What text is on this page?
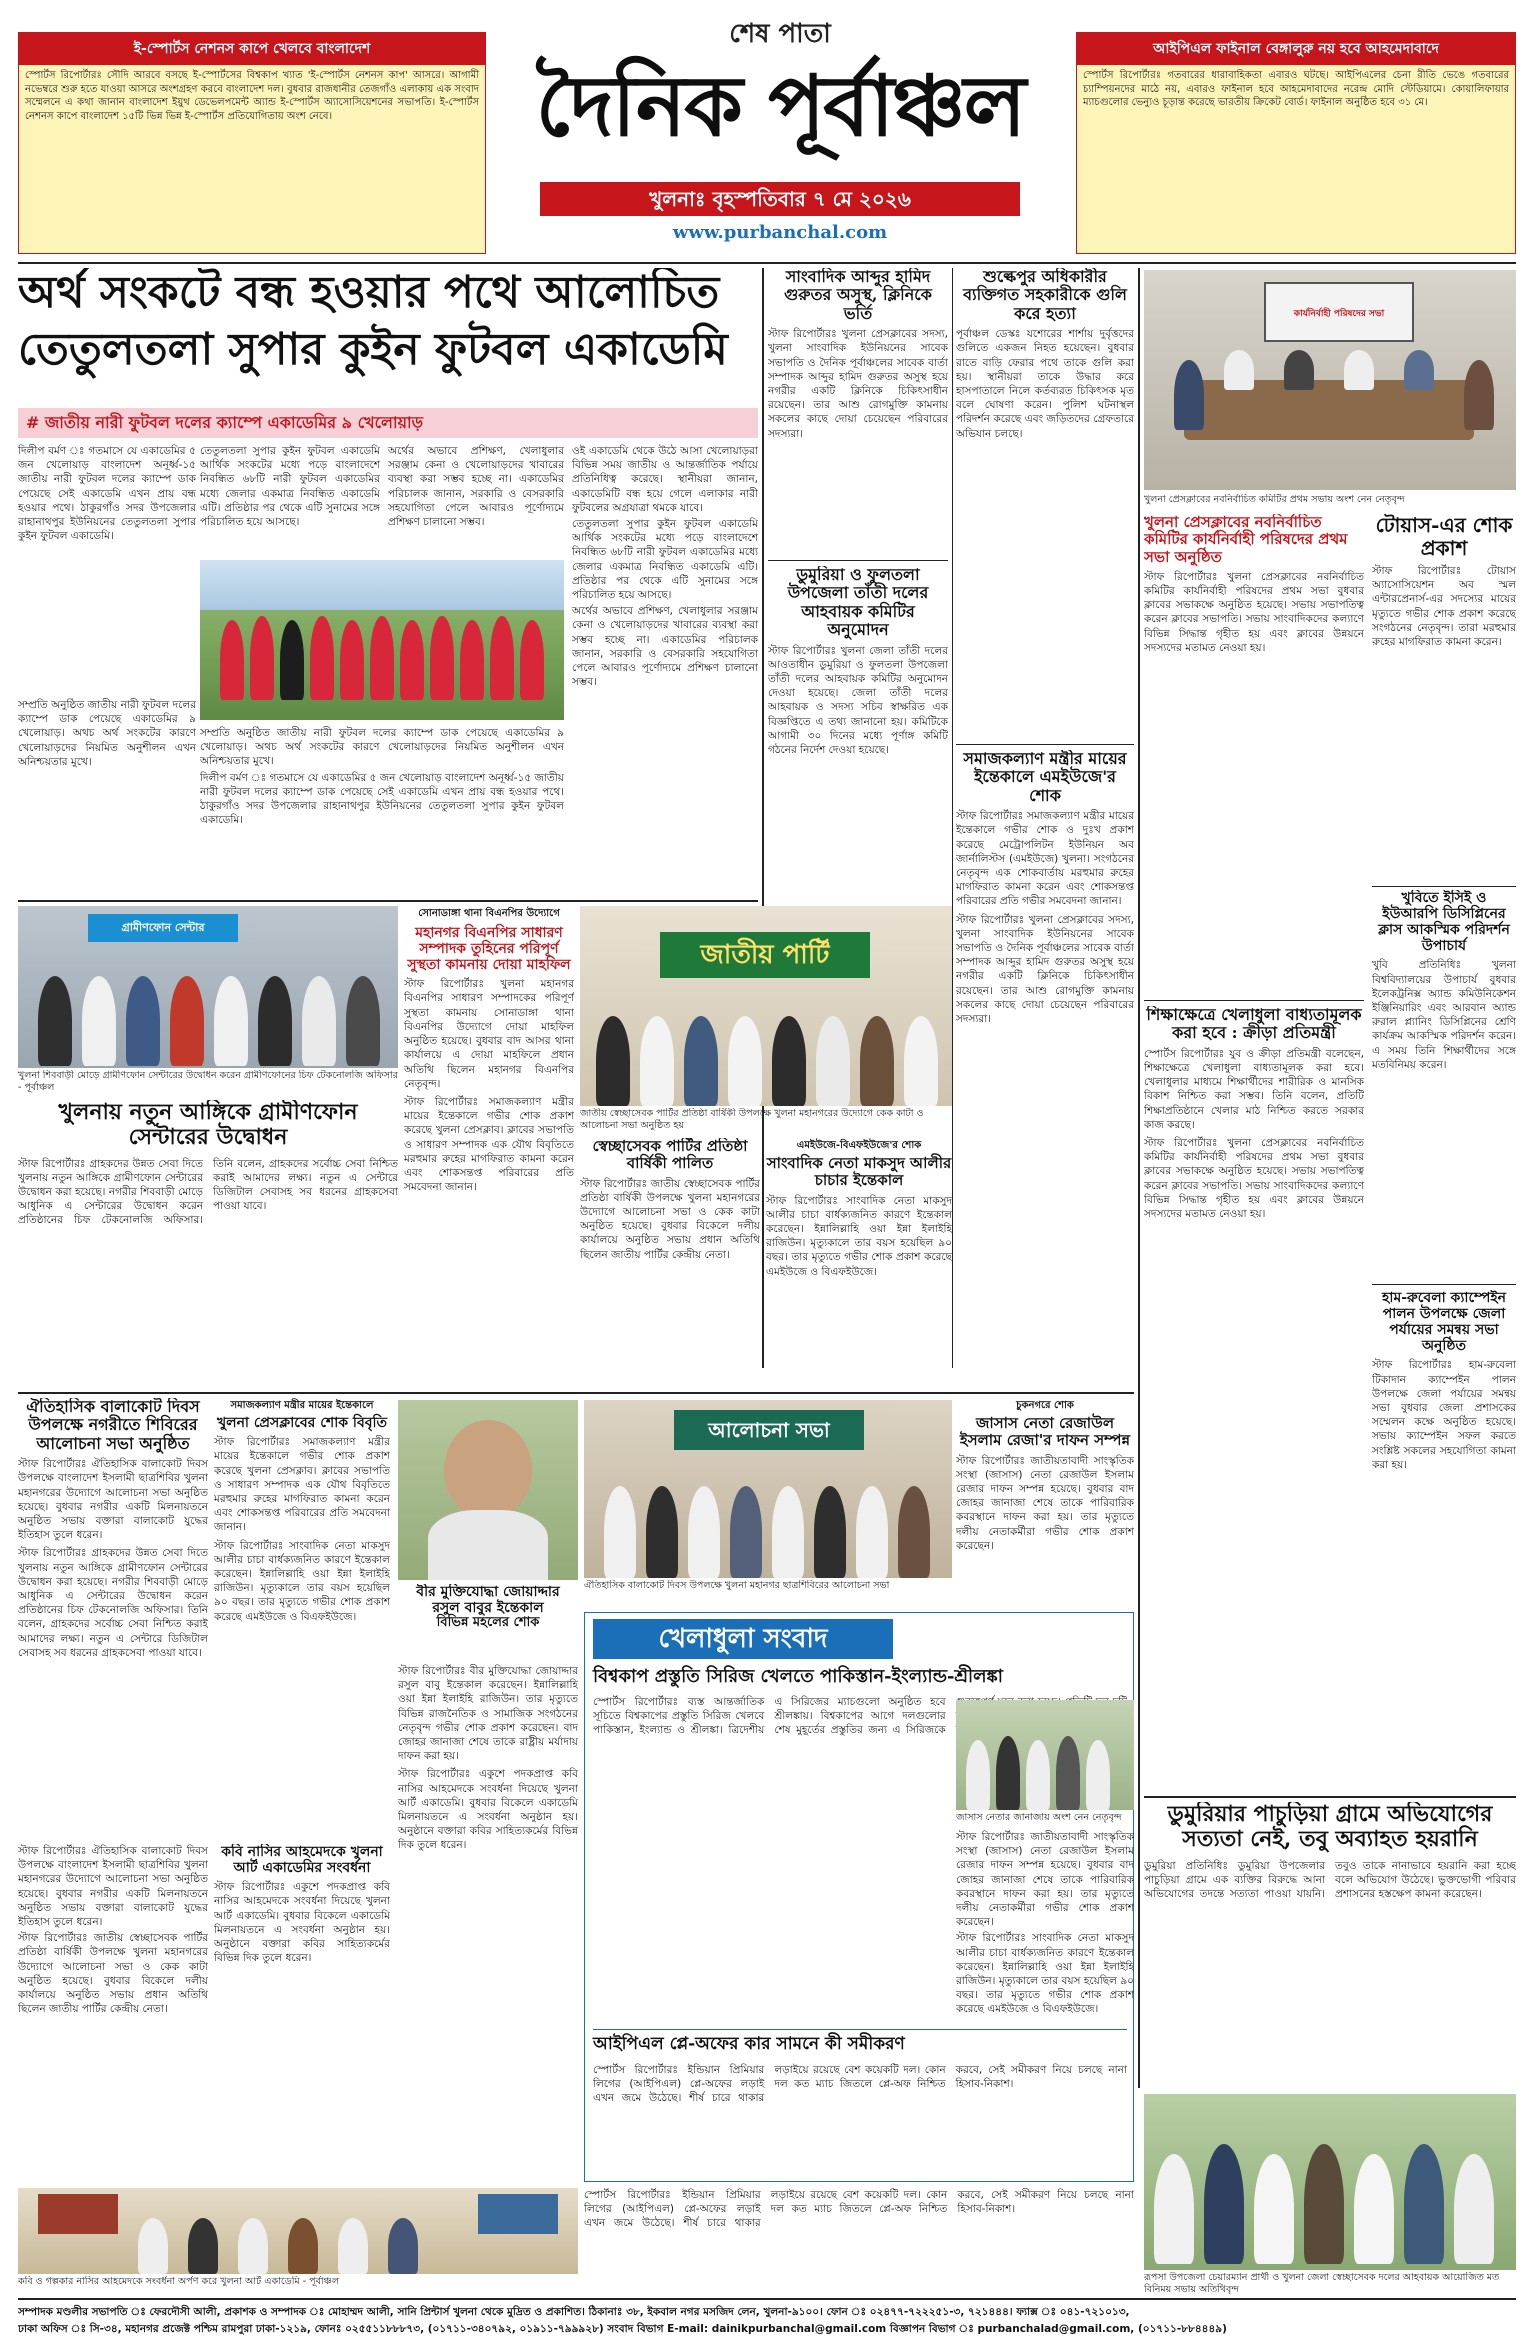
ই-স্পোর্টস নেশনস কাপে খেলবে বাংলাদেশ
স্পোর্টস রিপোর্টারঃ সৌদি আরবে বসছে ই-স্পোর্টসের বিশ্বকাপ খ্যাত 'ই-স্পোর্টস নেশনস কাপ' আসরে। আগামী নভেম্বরে শুরু হতে যাওয়া আসরে অংশগ্রহণ করবে বাংলাদেশ দল। বুধবার রাজধানীর তেজগাঁও এলাকায় এক সংবাদ সম্মেলনে এ কথা জানান বাংলাদেশ ইয়ুথ ডেভেলপমেন্ট অ্যান্ড ই-স্পোর্টস অ্যাসোসিয়েশনের সভাপতি। ই-স্পোর্টস নেশনস কাপে বাংলাদেশ ১৫টি ভিন্ন ভিন্ন ই-স্পোর্টস প্রতিযোগিতায় অংশ নেবে।
শেষ পাতা
দৈনিক পূর্বাঞ্চল
খুলনাঃ বৃহস্পতিবার ৭ মে ২০২৬
www.purbanchal.com
আইপিএল ফাইনাল বেঙ্গালুরু নয় হবে আহমেদাবাদে
স্পোর্টস রিপোর্টারঃ গতবারের ধারাবাহিকতা এবারও ঘটছে। আইপিএলের চেনা রীতি ভেঙে গতবারের চ্যাম্পিয়নদের মাঠে নয়, এবারও ফাইনাল হবে আহমেদাবাদের নরেন্দ্র মোদি স্টেডিয়ামে। কোয়ালিফায়ার ম্যাচগুলোর ভেন্যুও চূড়ান্ত করেছে ভারতীয় ক্রিকেট বোর্ড। ফাইনাল অনুষ্ঠিত হবে ৩১ মে।
অর্থ সংকটে বন্ধ হওয়ার পথে আলোচিত
তেতুলতলা সুপার কুইন ফুটবল একাডেমি
# জাতীয় নারী ফুটবল দলের ক্যাম্পে একাডেমির ৯ খেলোয়াড়

দিলীপ বর্মণ ঃ গতমাসে যে একাডেমির ৫ জন খেলোয়াড় বাংলাদেশ অনূর্ধ্ব-১৫ জাতীয় নারী ফুটবল দলের ক্যাম্পে ডাক পেয়েছে সেই একাডেমি এখন প্রায় বন্ধ হওয়ার পথে। ঠাকুরগাঁও সদর উপজেলার রাহানাথপুর ইউনিয়নের তেতুলতলা সুপার কুইন ফুটবল একাডেমি।

সম্প্রতি অনুষ্ঠিত জাতীয় নারী ফুটবল দলের ক্যাম্পে ডাক পেয়েছে একাডেমির ৯ খেলোয়াড়। অথচ অর্থ সংকটের কারণে খেলোয়াড়দের নিয়মিত অনুশীলন এখন অনিশ্চয়তার মুখে।

তেতুলতলা সুপার কুইন ফুটবল একাডেমি আর্থিক সংকটের মধ্যে পড়ে বাংলাদেশে নিবন্ধিত ৬৮টি নারী ফুটবল একাডেমির মধ্যে জেলার একমাত্র নিবন্ধিত একাডেমি এটি। প্রতিষ্ঠার পর থেকে এটি সুনামের সঙ্গে পরিচালিত হয়ে আসছে।

অর্থের অভাবে প্রশিক্ষণ, খেলাধুলার সরঞ্জাম কেনা ও খেলোয়াড়দের খাবারের ব্যবস্থা করা সম্ভব হচ্ছে না। একাডেমির পরিচালক জানান, সরকারি ও বেসরকারি সহযোগিতা পেলে আবারও পূর্ণোদ্যমে প্রশিক্ষণ চালানো সম্ভব।

ওই একাডেমি থেকে উঠে আসা খেলোয়াড়রা বিভিন্ন সময় জাতীয় ও আন্তর্জাতিক পর্যায়ে প্রতিনিধিত্ব করেছে। স্থানীয়রা জানান, একাডেমিটি বন্ধ হয়ে গেলে এলাকার নারী ফুটবলের অগ্রযাত্রা থমকে যাবে।

তেতুলতলা সুপার কুইন ফুটবল একাডেমি আর্থিক সংকটের মধ্যে পড়ে বাংলাদেশে নিবন্ধিত ৬৮টি নারী ফুটবল একাডেমির মধ্যে জেলার একমাত্র নিবন্ধিত একাডেমি এটি। প্রতিষ্ঠার পর থেকে এটি সুনামের সঙ্গে পরিচালিত হয়ে আসছে।

অর্থের অভাবে প্রশিক্ষণ, খেলাধুলার সরঞ্জাম কেনা ও খেলোয়াড়দের খাবারের ব্যবস্থা করা সম্ভব হচ্ছে না। একাডেমির পরিচালক জানান, সরকারি ও বেসরকারি সহযোগিতা পেলে আবারও পূর্ণোদ্যমে প্রশিক্ষণ চালানো সম্ভব।

সম্প্রতি অনুষ্ঠিত জাতীয় নারী ফুটবল দলের ক্যাম্পে ডাক পেয়েছে একাডেমির ৯ খেলোয়াড়। অথচ অর্থ সংকটের কারণে খেলোয়াড়দের নিয়মিত অনুশীলন এখন অনিশ্চয়তার মুখে।

দিলীপ বর্মণ ঃ গতমাসে যে একাডেমির ৫ জন খেলোয়াড় বাংলাদেশ অনূর্ধ্ব-১৫ জাতীয় নারী ফুটবল দলের ক্যাম্পে ডাক পেয়েছে সেই একাডেমি এখন প্রায় বন্ধ হওয়ার পথে। ঠাকুরগাঁও সদর উপজেলার রাহানাথপুর ইউনিয়নের তেতুলতলা সুপার কুইন ফুটবল একাডেমি।

সাংবাদিক আব্দুর হামিদ গুরুতর অসুস্থ, ক্লিনিকে ভর্তি
স্টাফ রিপোর্টারঃ খুলনা প্রেসক্লাবের সদস্য, খুলনা সাংবাদিক ইউনিয়নের সাবেক সভাপতি ও দৈনিক পূর্বাঞ্চলের সাবেক বার্তা সম্পাদক আব্দুর হামিদ গুরুতর অসুস্থ হয়ে নগরীর একটি ক্লিনিকে চিকিৎসাধীন রয়েছেন। তার আশু রোগমুক্তি কামনায় সকলের কাছে দোয়া চেয়েছেন পরিবারের সদস্যরা।
ডুমুরিয়া ও ফুলতলা উপজেলা তাঁতী দলের আহবায়ক কমিটির অনুমোদন
স্টাফ রিপোর্টারঃ খুলনা জেলা তাঁতী দলের আওতাধীন ডুমুরিয়া ও ফুলতলা উপজেলা তাঁতী দলের আহবায়ক কমিটির অনুমোদন দেওয়া হয়েছে। জেলা তাঁতী দলের আহবায়ক ও সদস্য সচিব স্বাক্ষরিত এক বিজ্ঞপ্তিতে এ তথ্য জানানো হয়। কমিটিকে আগামী ৩০ দিনের মধ্যে পূর্ণাঙ্গ কমিটি গঠনের নির্দেশ দেওয়া হয়েছে।
শুল্কেপুর অধিকারীর ব্যক্তিগত সহকারীকে গুলি করে হত্যা
পূর্বাঞ্চল ডেস্কঃ যশোরের শার্শায় দুর্বৃত্তদের গুলিতে একজন নিহত হয়েছেন। বুধবার রাতে বাড়ি ফেরার পথে তাকে গুলি করা হয়। স্থানীয়রা তাকে উদ্ধার করে হাসপাতালে নিলে কর্তব্যরত চিকিৎসক মৃত বলে ঘোষণা করেন। পুলিশ ঘটনাস্থল পরিদর্শন করেছে এবং জড়িতদের গ্রেফতারে অভিযান চলছে।
সমাজকল্যাণ মন্ত্রীর মায়ের ইন্তেকালে এমইউজে'র শোক
স্টাফ রিপোর্টারঃ সমাজকল্যাণ মন্ত্রীর মায়ের ইন্তেকালে গভীর শোক ও দুঃখ প্রকাশ করেছে মেট্রোপলিটন ইউনিয়ন অব জার্নালিস্টস (এমইউজে) খুলনা। সংগঠনের নেতৃবৃন্দ এক শোকবার্তায় মরহুমার রুহের মাগফিরাত কামনা করেন এবং শোকসন্তপ্ত পরিবারের প্রতি গভীর সমবেদনা জানান।
স্টাফ রিপোর্টারঃ খুলনা প্রেসক্লাবের সদস্য, খুলনা সাংবাদিক ইউনিয়নের সাবেক সভাপতি ও দৈনিক পূর্বাঞ্চলের সাবেক বার্তা সম্পাদক আব্দুর হামিদ গুরুতর অসুস্থ হয়ে নগরীর একটি ক্লিনিকে চিকিৎসাধীন রয়েছেন। তার আশু রোগমুক্তি কামনায় সকলের কাছে দোয়া চেয়েছেন পরিবারের সদস্যরা।
কার্যনির্বাহী পরিষদের সভা
খুলনা প্রেসক্লাবের নবনির্বাচিত কমিটির প্রথম সভায় অংশ নেন নেতৃবৃন্দ
খুলনা প্রেসক্লাবের নবনির্বাচিত কমিটির কার্যনির্বাহী পরিষদের প্রথম সভা অনুষ্ঠিত
স্টাফ রিপোর্টারঃ খুলনা প্রেসক্লাবের নবনির্বাচিত কমিটির কার্যনির্বাহী পরিষদের প্রথম সভা বুধবার ক্লাবের সভাকক্ষে অনুষ্ঠিত হয়েছে। সভায় সভাপতিত্ব করেন ক্লাবের সভাপতি। সভায় সাংবাদিকদের কল্যাণে বিভিন্ন সিদ্ধান্ত গৃহীত হয় এবং ক্লাবের উন্নয়নে সদস্যদের মতামত নেওয়া হয়।
টোয়াস-এর শোক প্রকাশ
স্টাফ রিপোর্টারঃ টোয়াস অ্যাসোসিয়েশন অব স্মল এন্টারপ্রেনার্স-এর সদস্যের মায়ের মৃত্যুতে গভীর শোক প্রকাশ করেছে সংগঠনের নেতৃবৃন্দ। তারা মরহুমার রুহের মাগফিরাত কামনা করেন।
খুবিতে ইসিই ও ইউআরপি ডিসিপ্লিনের ক্লাস আকস্মিক পরিদর্শন উপাচার্য
খুবি প্রতিনিধিঃ খুলনা বিশ্ববিদ্যালয়ের উপাচার্য বুধবার ইলেকট্রনিক্স অ্যান্ড কমিউনিকেশন ইঞ্জিনিয়ারিং এবং আরবান অ্যান্ড রুরাল প্ল্যানিং ডিসিপ্লিনের শ্রেণি কার্যক্রম আকস্মিক পরিদর্শন করেন। এ সময় তিনি শিক্ষার্থীদের সঙ্গে মতবিনিময় করেন।
শিক্ষাক্ষেত্রে খেলাধুলা বাধ্যতামূলক করা হবে : ক্রীড়া প্রতিমন্ত্রী
স্পোর্টস রিপোর্টারঃ যুব ও ক্রীড়া প্রতিমন্ত্রী বলেছেন, শিক্ষাক্ষেত্রে খেলাধুলা বাধ্যতামূলক করা হবে। খেলাধুলার মাধ্যমে শিক্ষার্থীদের শারীরিক ও মানসিক বিকাশ নিশ্চিত করা সম্ভব। তিনি বলেন, প্রতিটি শিক্ষাপ্রতিষ্ঠানে খেলার মাঠ নিশ্চিত করতে সরকার কাজ করছে।
স্টাফ রিপোর্টারঃ খুলনা প্রেসক্লাবের নবনির্বাচিত কমিটির কার্যনির্বাহী পরিষদের প্রথম সভা বুধবার ক্লাবের সভাকক্ষে অনুষ্ঠিত হয়েছে। সভায় সভাপতিত্ব করেন ক্লাবের সভাপতি। সভায় সাংবাদিকদের কল্যাণে বিভিন্ন সিদ্ধান্ত গৃহীত হয় এবং ক্লাবের উন্নয়নে সদস্যদের মতামত নেওয়া হয়।
হাম-রুবেলা ক্যাম্পেইন পালন উপলক্ষে জেলা পর্যায়ের সমন্বয় সভা অনুষ্ঠিত
স্টাফ রিপোর্টারঃ হাম-রুবেলা টিকাদান ক্যাম্পেইন পালন উপলক্ষে জেলা পর্যায়ের সমন্বয় সভা বুধবার জেলা প্রশাসকের সম্মেলন কক্ষে অনুষ্ঠিত হয়েছে। সভায় ক্যাম্পেইন সফল করতে সংশ্লিষ্ট সকলের সহযোগিতা কামনা করা হয়।
ডুমুরিয়ার পাচুড়িয়া গ্রামে অভিযোগের সত্যতা নেই, তবু অব্যাহত হয়রানি
ডুমুরিয়া প্রতিনিধিঃ ডুমুরিয়া উপজেলার পাচুড়িয়া গ্রামে এক ব্যক্তির বিরুদ্ধে আনা অভিযোগের তদন্তে সত্যতা পাওয়া যায়নি। তবুও তাকে নানাভাবে হয়রানি করা হচ্ছে বলে অভিযোগ উঠেছে। ভুক্তভোগী পরিবার প্রশাসনের হস্তক্ষেপ কামনা করেছেন।
রূপসা উপজেলা চেয়ারম্যান প্রার্থী ও খুলনা জেলা স্বেচ্ছাসেবক দলের আহবায়ক আয়োজিত মত বিনিময় সভায় অতিথিবৃন্দ
গ্রামীণফোন সেন্টার
খুলনা শিববাড়ী মোড়ে গ্রামীণফোন সেন্টারের উদ্বোধন করেন গ্রামীণফোনের চিফ টেকনোলজি অফিসার - পূর্বাঞ্চল
সোনাডাঙ্গা থানা বিএনপির উদ্যোগে
মহানগর বিএনপির সাধারণ সম্পাদক তুহিনের পরিপূর্ণ সুস্থতা কামনায় দোয়া মাহফিল
স্টাফ রিপোর্টারঃ খুলনা মহানগর বিএনপির সাধারণ সম্পাদকের পরিপূর্ণ সুস্থতা কামনায় সোনাডাঙ্গা থানা বিএনপির উদ্যোগে দোয়া মাহফিল অনুষ্ঠিত হয়েছে। বুধবার বাদ আসর থানা কার্যালয়ে এ দোয়া মাহফিলে প্রধান অতিথি ছিলেন মহানগর বিএনপির নেতৃবৃন্দ।
স্টাফ রিপোর্টারঃ সমাজকল্যাণ মন্ত্রীর মায়ের ইন্তেকালে গভীর শোক প্রকাশ করেছে খুলনা প্রেসক্লাব। ক্লাবের সভাপতি ও সাধারণ সম্পাদক এক যৌথ বিবৃতিতে মরহুমার রুহের মাগফিরাত কামনা করেন এবং শোকসন্তপ্ত পরিবারের প্রতি সমবেদনা জানান।
জাতীয় পার্টি
জাতীয় স্বেচ্ছাসেবক পার্টির প্রতিষ্ঠা বার্ষিকী উপলক্ষে খুলনা মহানগরের উদ্যোগে কেক কাটা ও আলোচনা সভা অনুষ্ঠিত হয়
খুলনায় নতুন আঙ্গিকে গ্রামীণফোন সেন্টারের উদ্বোধন
স্টাফ রিপোর্টারঃ গ্রাহকদের উন্নত সেবা দিতে খুলনায় নতুন আঙ্গিকে গ্রামীণফোন সেন্টারের উদ্বোধন করা হয়েছে। নগরীর শিববাড়ী মোড়ে আধুনিক এ সেন্টারের উদ্বোধন করেন প্রতিষ্ঠানের চিফ টেকনোলজি অফিসার। তিনি বলেন, গ্রাহকদের সর্বোচ্চ সেবা নিশ্চিত করাই আমাদের লক্ষ্য। নতুন এ সেন্টারে ডিজিটাল সেবাসহ সব ধরনের গ্রাহকসেবা পাওয়া যাবে।
স্বেচ্ছাসেবক পার্টির প্রতিষ্ঠা বার্ষিকী পালিত
স্টাফ রিপোর্টারঃ জাতীয় স্বেচ্ছাসেবক পার্টির প্রতিষ্ঠা বার্ষিকী উপলক্ষে খুলনা মহানগরের উদ্যোগে আলোচনা সভা ও কেক কাটা অনুষ্ঠিত হয়েছে। বুধবার বিকেলে দলীয় কার্যালয়ে অনুষ্ঠিত সভায় প্রধান অতিথি ছিলেন জাতীয় পার্টির কেন্দ্রীয় নেতা।
এমইউজে-বিএফইউজে'র শোক
সাংবাদিক নেতা মাকসুদ আলীর চাচার ইন্তেকাল
স্টাফ রিপোর্টারঃ সাংবাদিক নেতা মাকসুদ আলীর চাচা বার্ধক্যজনিত কারণে ইন্তেকাল করেছেন। ইন্নালিল্লাহি ওয়া ইন্না ইলাইহি রাজিউন। মৃত্যুকালে তার বয়স হয়েছিল ৯০ বছর। তার মৃত্যুতে গভীর শোক প্রকাশ করেছে এমইউজে ও বিএফইউজে।
ঐতিহাসিক বালাকোট দিবস উপলক্ষে নগরীতে শিবিরের আলোচনা সভা অনুষ্ঠিত
স্টাফ রিপোর্টারঃ ঐতিহাসিক বালাকোট দিবস উপলক্ষে বাংলাদেশ ইসলামী ছাত্রশিবির খুলনা মহানগরের উদ্যোগে আলোচনা সভা অনুষ্ঠিত হয়েছে। বুধবার নগরীর একটি মিলনায়তনে অনুষ্ঠিত সভায় বক্তারা বালাকোট যুদ্ধের ইতিহাস তুলে ধরেন।
স্টাফ রিপোর্টারঃ গ্রাহকদের উন্নত সেবা দিতে খুলনায় নতুন আঙ্গিকে গ্রামীণফোন সেন্টারের উদ্বোধন করা হয়েছে। নগরীর শিববাড়ী মোড়ে আধুনিক এ সেন্টারের উদ্বোধন করেন প্রতিষ্ঠানের চিফ টেকনোলজি অফিসার। তিনি বলেন, গ্রাহকদের সর্বোচ্চ সেবা নিশ্চিত করাই আমাদের লক্ষ্য। নতুন এ সেন্টারে ডিজিটাল সেবাসহ সব ধরনের গ্রাহকসেবা পাওয়া যাবে।
সমাজকল্যাণ মন্ত্রীর মায়ের ইন্তেকালে
খুলনা প্রেসক্লাবের শোক বিবৃতি
স্টাফ রিপোর্টারঃ সমাজকল্যাণ মন্ত্রীর মায়ের ইন্তেকালে গভীর শোক প্রকাশ করেছে খুলনা প্রেসক্লাব। ক্লাবের সভাপতি ও সাধারণ সম্পাদক এক যৌথ বিবৃতিতে মরহুমার রুহের মাগফিরাত কামনা করেন এবং শোকসন্তপ্ত পরিবারের প্রতি সমবেদনা জানান।
স্টাফ রিপোর্টারঃ সাংবাদিক নেতা মাকসুদ আলীর চাচা বার্ধক্যজনিত কারণে ইন্তেকাল করেছেন। ইন্নালিল্লাহি ওয়া ইন্না ইলাইহি রাজিউন। মৃত্যুকালে তার বয়স হয়েছিল ৯০ বছর। তার মৃত্যুতে গভীর শোক প্রকাশ করেছে এমইউজে ও বিএফইউজে।
বীর মুক্তিযোদ্ধা জোয়াদ্দার
রসুল বাবুর ইন্তেকাল
বিভিন্ন মহলের শোক
আলোচনা সভা
ঐতিহাসিক বালাকোট দিবস উপলক্ষে খুলনা মহানগর ছাত্রশিবিরের আলোচনা সভা
চুকনগরে শোক
জাসাস নেতা রেজাউল ইসলাম রেজা'র দাফন সম্পন্ন
স্টাফ রিপোর্টারঃ জাতীয়তাবাদী সাংস্কৃতিক সংস্থা (জাসাস) নেতা রেজাউল ইসলাম রেজার দাফন সম্পন্ন হয়েছে। বুধবার বাদ জোহর জানাজা শেষে তাকে পারিবারিক কবরস্থানে দাফন করা হয়। তার মৃত্যুতে দলীয় নেতাকর্মীরা গভীর শোক প্রকাশ করেছেন।
খেলাধুলা সংবাদ
বিশ্বকাপ প্রস্তুতি সিরিজ খেলতে পাকিস্তান-ইংল্যান্ড-শ্রীলঙ্কা
স্পোর্টস রিপোর্টারঃ ব্যস্ত আন্তর্জাতিক সূচিতে বিশ্বকাপের প্রস্তুতি সিরিজ খেলবে পাকিস্তান, ইংল্যান্ড ও শ্রীলঙ্কা। ত্রিদেশীয় এ সিরিজের ম্যাচগুলো অনুষ্ঠিত হবে শ্রীলঙ্কায়। বিশ্বকাপের আগে দলগুলোর শেষ মুহূর্তের প্রস্তুতির জন্য এ সিরিজকে
আইপিএল প্লে-অফের কার সামনে কী সমীকরণ
স্পোর্টস রিপোর্টারঃ ইন্ডিয়ান প্রিমিয়ার লিগের (আইপিএল) প্লে-অফের লড়াই এখন জমে উঠেছে। শীর্ষ চারে থাকার লড়াইয়ে রয়েছে বেশ কয়েকটি দল। কোন দল কত ম্যাচ জিতলে প্লে-অফ নিশ্চিত করবে, সেই সমীকরণ নিয়ে চলছে নানা হিসাব-নিকাশ।
জাসাস নেতার জানাজায় অংশ নেন নেতৃবৃন্দ
স্টাফ রিপোর্টারঃ বীর মুক্তিযোদ্ধা জোয়াদ্দার রসুল বাবু ইন্তেকাল করেছেন। ইন্নালিল্লাহি ওয়া ইন্না ইলাইহি রাজিউন। তার মৃত্যুতে বিভিন্ন রাজনৈতিক ও সামাজিক সংগঠনের নেতৃবৃন্দ গভীর শোক প্রকাশ করেছেন। বাদ জোহর জানাজা শেষে তাকে রাষ্ট্রীয় মর্যাদায় দাফন করা হয়।
স্টাফ রিপোর্টারঃ একুশে পদকপ্রাপ্ত কবি নাসির আহমেদকে সংবর্ধনা দিয়েছে খুলনা আর্ট একাডেমি। বুধবার বিকেলে একাডেমি মিলনায়তনে এ সংবর্ধনা অনুষ্ঠান হয়। অনুষ্ঠানে বক্তারা কবির সাহিত্যকর্মের বিভিন্ন দিক তুলে ধরেন।
কবি নাসির আহমেদকে খুলনা আর্ট একাডেমির সংবর্ধনা
স্টাফ রিপোর্টারঃ একুশে পদকপ্রাপ্ত কবি নাসির আহমেদকে সংবর্ধনা দিয়েছে খুলনা আর্ট একাডেমি। বুধবার বিকেলে একাডেমি মিলনায়তনে এ সংবর্ধনা অনুষ্ঠান হয়। অনুষ্ঠানে বক্তারা কবির সাহিত্যকর্মের বিভিন্ন দিক তুলে ধরেন।

স্টাফ রিপোর্টারঃ ঐতিহাসিক বালাকোট দিবস উপলক্ষে বাংলাদেশ ইসলামী ছাত্রশিবির খুলনা মহানগরের উদ্যোগে আলোচনা সভা অনুষ্ঠিত হয়েছে। বুধবার নগরীর একটি মিলনায়তনে অনুষ্ঠিত সভায় বক্তারা বালাকোট যুদ্ধের ইতিহাস তুলে ধরেন।

স্টাফ রিপোর্টারঃ জাতীয় স্বেচ্ছাসেবক পার্টির প্রতিষ্ঠা বার্ষিকী উপলক্ষে খুলনা মহানগরের উদ্যোগে আলোচনা সভা ও কেক কাটা অনুষ্ঠিত হয়েছে। বুধবার বিকেলে দলীয় কার্যালয়ে অনুষ্ঠিত সভায় প্রধান অতিথি ছিলেন জাতীয় পার্টির কেন্দ্রীয় নেতা।

স্টাফ রিপোর্টারঃ জাতীয়তাবাদী সাংস্কৃতিক সংস্থা (জাসাস) নেতা রেজাউল ইসলাম রেজার দাফন সম্পন্ন হয়েছে। বুধবার বাদ জোহর জানাজা শেষে তাকে পারিবারিক কবরস্থানে দাফন করা হয়। তার মৃত্যুতে দলীয় নেতাকর্মীরা গভীর শোক প্রকাশ করেছেন।

স্টাফ রিপোর্টারঃ সাংবাদিক নেতা মাকসুদ আলীর চাচা বার্ধক্যজনিত কারণে ইন্তেকাল করেছেন। ইন্নালিল্লাহি ওয়া ইন্না ইলাইহি রাজিউন। মৃত্যুকালে তার বয়স হয়েছিল ৯০ বছর। তার মৃত্যুতে গভীর শোক প্রকাশ করেছে এমইউজে ও বিএফইউজে।

কবি ও গল্পকার নাসির আহমেদকে সংবর্ধনা অর্পণ করে খুলনা আর্ট একাডেমি - পূর্বাঞ্চল

স্পোর্টস রিপোর্টারঃ ইন্ডিয়ান প্রিমিয়ার লিগের (আইপিএল) প্লে-অফের লড়াই এখন জমে উঠেছে। শীর্ষ চারে থাকার লড়াইয়ে রয়েছে বেশ কয়েকটি দল। কোন দল কত ম্যাচ জিতলে প্লে-অফ নিশ্চিত করবে, সেই সমীকরণ নিয়ে চলছে নানা হিসাব-নিকাশ।

সম্পাদক মণ্ডলীর সভাপতি ঃ ফেরদৌসী আলী, প্রকাশক ও সম্পাদক ঃ মোহাম্মদ আলী, সানি প্রিন্টার্স খুলনা থেকে মুদ্রিত ও প্রকাশিত। ঠিকানাঃ ৩৮, ইকবাল নগর মসজিদ লেন, খুলনা-৯১০০। ফোন ঃ ০২৪৭৭-৭২২২৫১-৩, ৭২১৪৪৪। ফ্যাক্স ঃ ০৪১-৭২১০১৩,
ঢাকা অফিস ঃ সি-৩৪, মহানগর প্রজেক্ট পশ্চিম রামপুরা ঢাকা-১২১৯, ফোনঃ ০২৫৫১১৮৮৮৭৩, (০১৭১১-৩৪০৭৯২, ০১৯১১-৭৯৯৯২৮) সংবাদ বিভাগ E-mail: dainikpurbanchal@gmail.com বিজ্ঞাপন বিভাগ ঃ purbanchalad@gmail.com, (০১৭১১-৮৮৪৪৪৯)
